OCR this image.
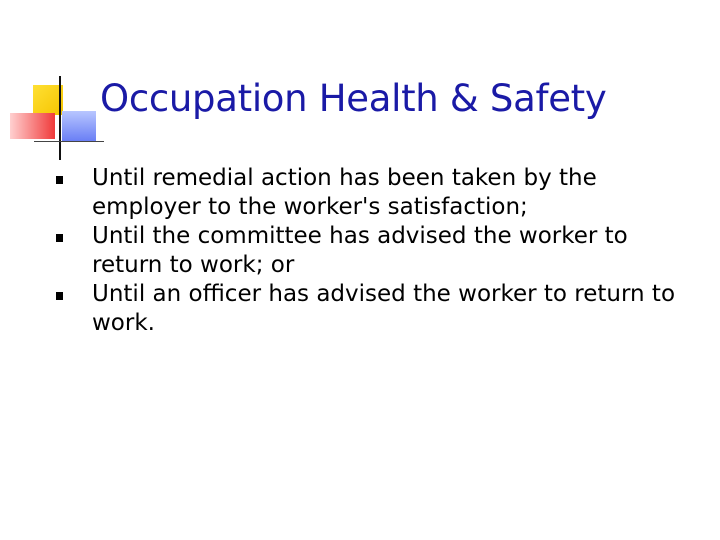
Occupation Health & Safety
Until remedial action has been taken by the employer to the worker's satisfaction;
Until the committee has advised the worker to return to work; or
Until an officer has advised the worker to return to work.
